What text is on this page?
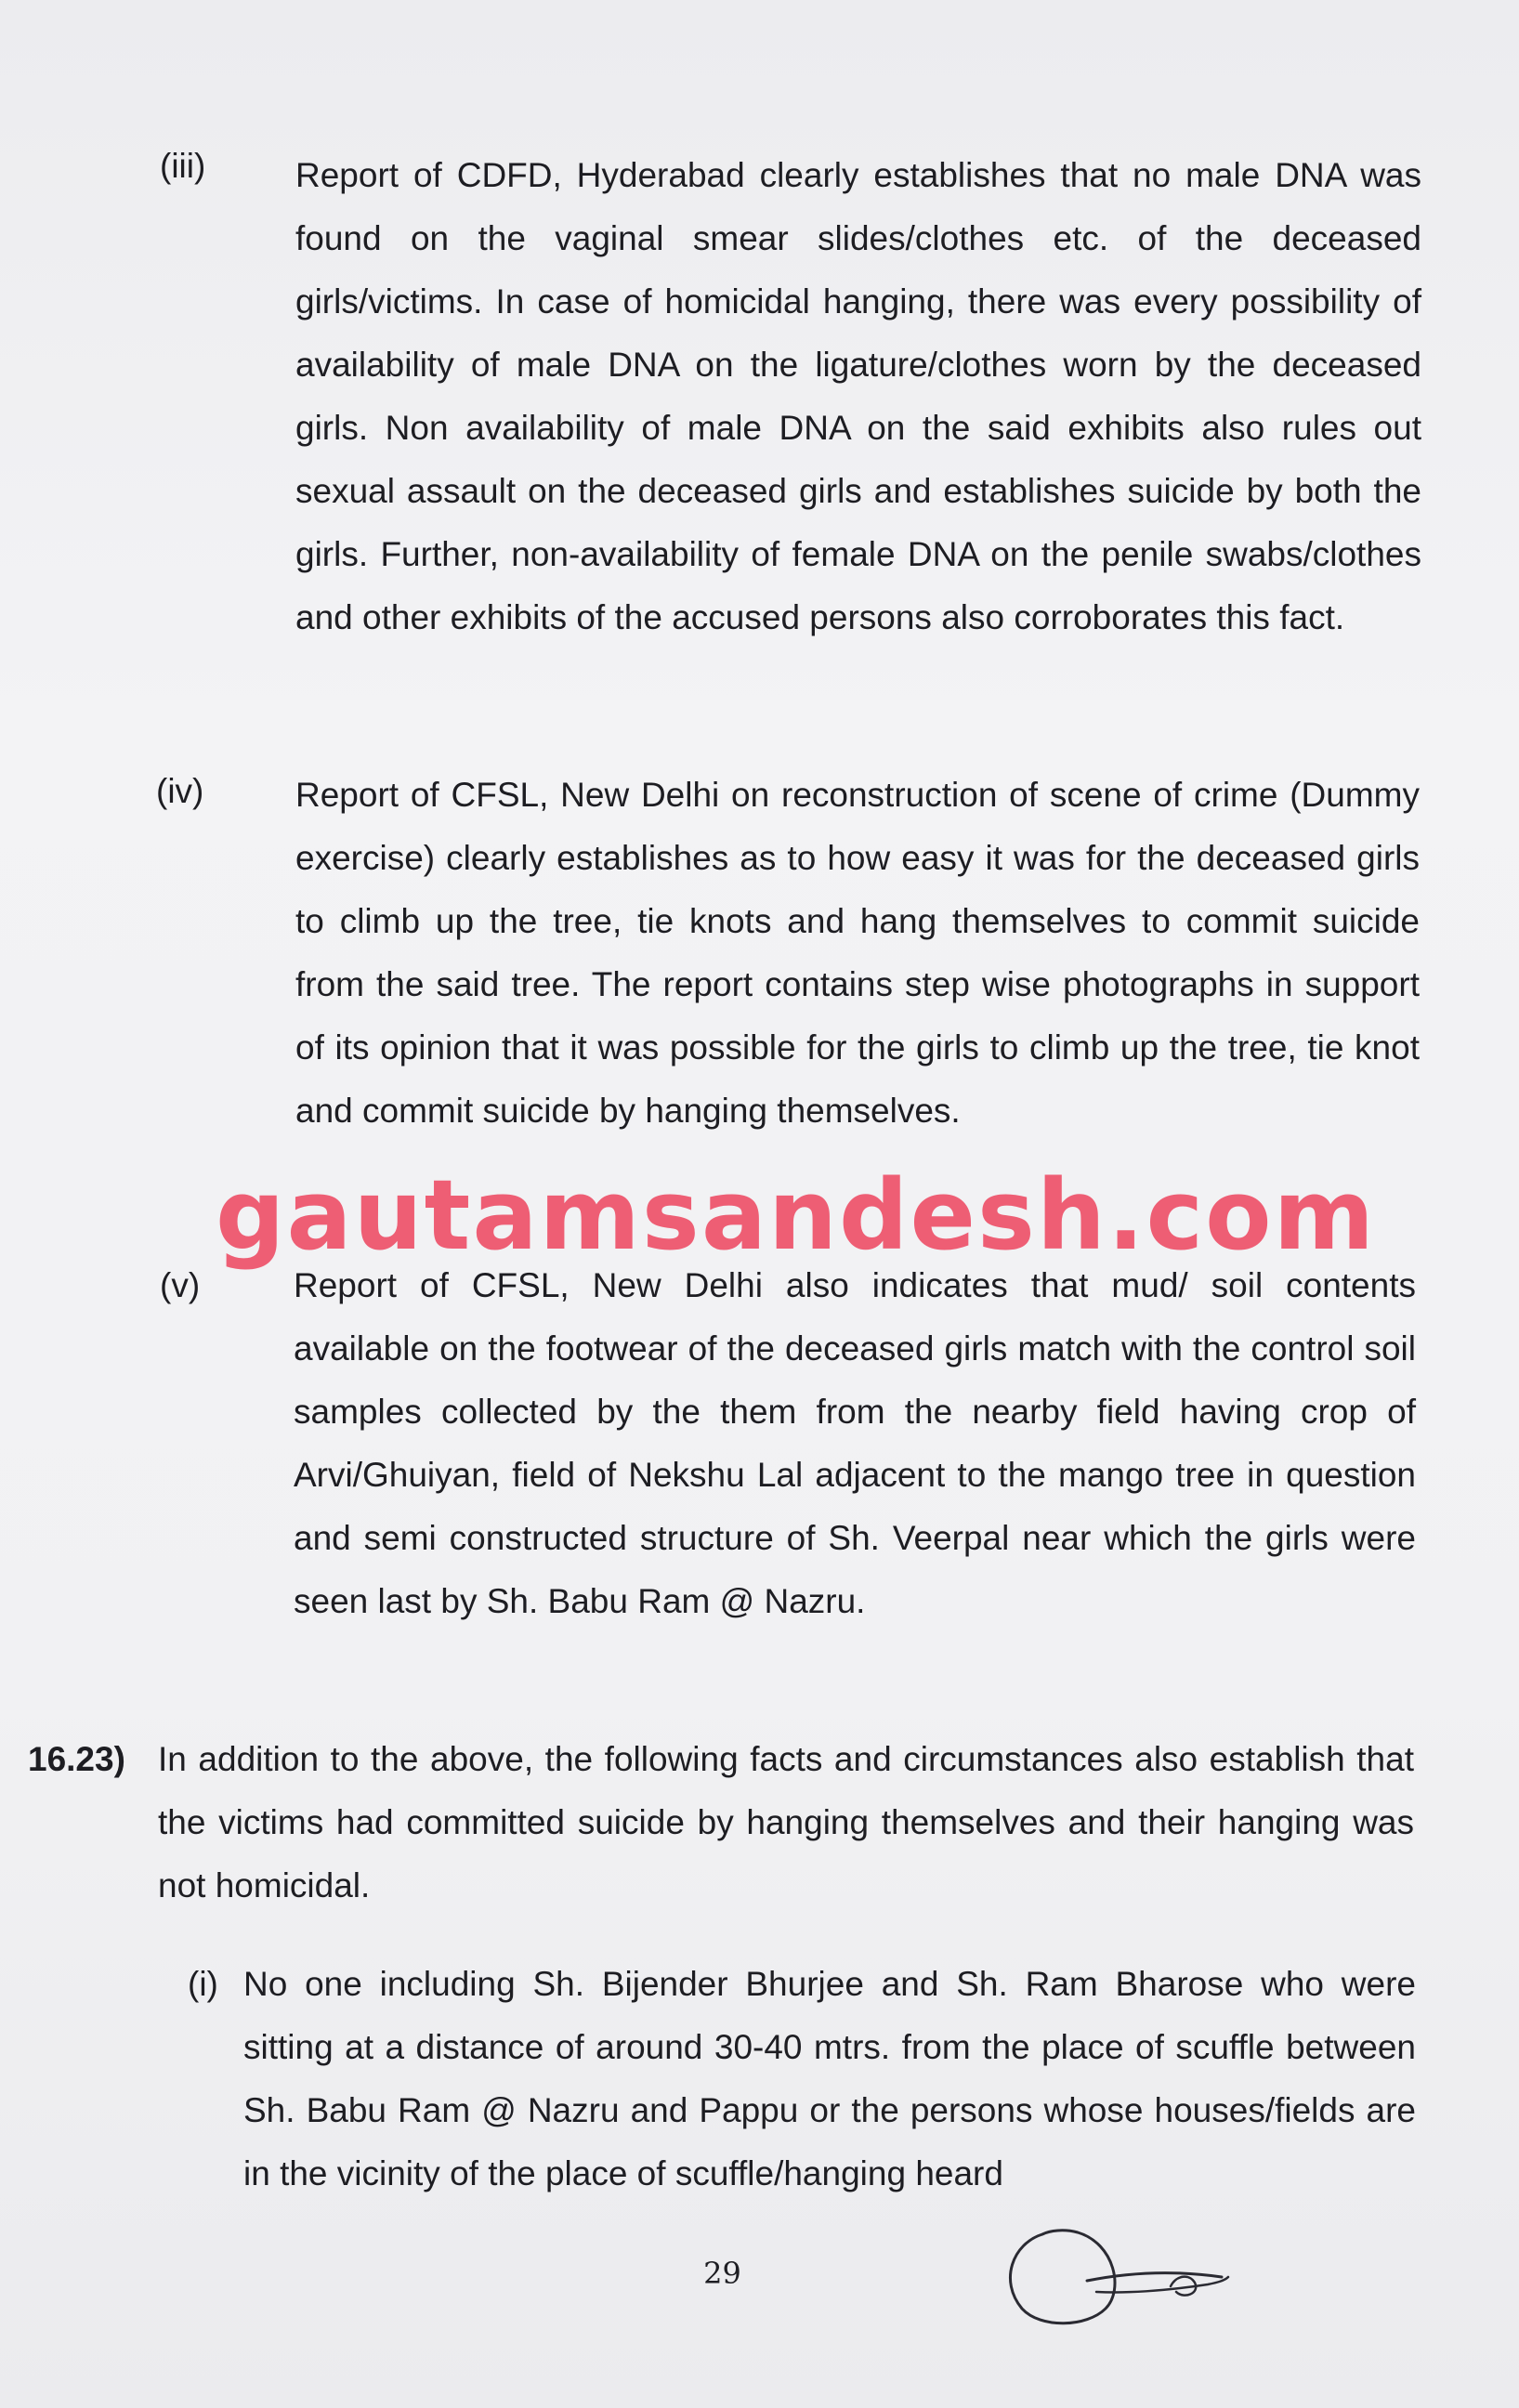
(iii)	Report of CDFD, Hyderabad clearly establishes that no male DNA was found on the vaginal smear slides/clothes etc. of the deceased girls/victims. In case of homicidal hanging, there was every possibility of availability of male DNA on the ligature/clothes worn by the deceased girls. Non availability of male DNA on the said exhibits also rules out sexual assault on the deceased girls and establishes suicide by both the girls. Further, non-availability of female DNA on the penile swabs/clothes and other exhibits of the accused persons also corroborates this fact.
(iv)	Report of CFSL, New Delhi on reconstruction of scene of crime (Dummy exercise) clearly establishes as to how easy it was for the deceased girls to climb up the tree, tie knots and hang themselves to commit suicide from the said tree. The report contains step wise photographs in support of its opinion that it was possible for the girls to climb up the tree, tie knot and commit suicide by hanging themselves.
gautamsandesh.com
(v)	Report of CFSL, New Delhi also indicates that mud/ soil contents available on the footwear of the deceased girls match with the control soil samples collected by the them from the nearby field having crop of Arvi/Ghuiyan, field of Nekshu Lal adjacent to the mango tree in question and semi constructed structure of Sh. Veerpal near which the girls were seen last by Sh. Babu Ram @ Nazru.
16.23) In addition to the above, the following facts and circumstances also establish that the victims had committed suicide by hanging themselves and their hanging was not homicidal.
(i) No one including Sh. Bijender Bhurjee and Sh. Ram Bharose who were sitting at a distance of around 30-40 mtrs. from the place of scuffle between Sh. Babu Ram @ Nazru and Pappu or the persons whose houses/fields are in the vicinity of the place of scuffle/hanging heard
29
